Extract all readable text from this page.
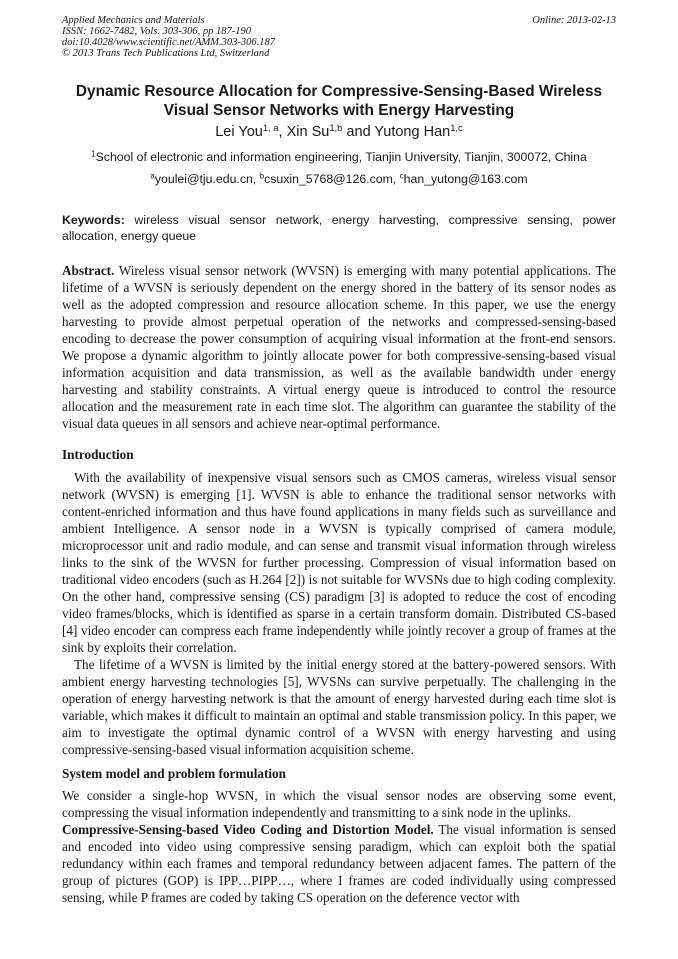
Applied Mechanics and Materials
ISSN: 1662-7482, Vols. 303-306, pp 187-190
doi:10.4028/www.scientific.net/AMM.303-306.187
© 2013 Trans Tech Publications Ltd, Switzerland
Online: 2013-02-13
Dynamic Resource Allocation for Compressive-Sensing-Based Wireless
Visual Sensor Networks with Energy Harvesting
Lei You$^{1, a}$, Xin Su$^{1,b}$ and Yutong Han$^{1,c}$
$^1$School of electronic and information engineering, Tianjin University, Tianjin, 300072, China
$^a$youlei@tju.edu.cn, $^b$csuxin_5768@126.com, $^c$han_yutong@163.com
Keywords: wireless visual sensor network, energy harvesting, compressive sensing, power allocation, energy queue
Abstract. Wireless visual sensor network (WVSN) is emerging with many potential applications. The lifetime of a WVSN is seriously dependent on the energy shored in the battery of its sensor nodes as well as the adopted compression and resource allocation scheme. In this paper, we use the energy harvesting to provide almost perpetual operation of the networks and compressed-sensing-based encoding to decrease the power consumption of acquiring visual information at the front-end sensors. We propose a dynamic algorithm to jointly allocate power for both compressive-sensing-based visual information acquisition and data transmission, as well as the available bandwidth under energy harvesting and stability constraints. A virtual energy queue is introduced to control the resource allocation and the measurement rate in each time slot. The algorithm can guarantee the stability of the visual data queues in all sensors and achieve near-optimal performance.
Introduction

With the availability of inexpensive visual sensors such as CMOS cameras, wireless visual sensor network (WVSN) is emerging [1]. WVSN is able to enhance the traditional sensor networks with content-enriched information and thus have found applications in many fields such as surveillance and ambient Intelligence. A sensor node in a WVSN is typically comprised of camera module, microprocessor unit and radio module, and can sense and transmit visual information through wireless links to the sink of the WVSN for further processing. Compression of visual information based on traditional video encoders (such as H.264 [2]) is not suitable for WVSNs due to high coding complexity. On the other hand, compressive sensing (CS) paradigm [3] is adopted to reduce the cost of encoding video frames/blocks, which is identified as sparse in a certain transform domain. Distributed CS-based [4] video encoder can compress each frame independently while jointly recover a group of frames at the sink by exploits their correlation.

The lifetime of a WVSN is limited by the initial energy stored at the battery-powered sensors. With ambient energy harvesting technologies [5], WVSNs can survive perpetually. The challenging in the operation of energy harvesting network is that the amount of energy harvested during each time slot is variable, which makes it difficult to maintain an optimal and stable transmission policy. In this paper, we aim to investigate the optimal dynamic control of a WVSN with energy harvesting and using compressive-sensing-based visual information acquisition scheme.

System model and problem formulation

We consider a single-hop WVSN, in which the visual sensor nodes are observing some event, compressing the visual information independently and transmitting to a sink node in the uplinks.

Compressive-Sensing-based Video Coding and Distortion Model. The visual information is sensed and encoded into video using compressive sensing paradigm, which can exploit both the spatial redundancy within each frames and temporal redundancy between adjacent fames. The pattern of the group of pictures (GOP) is IPP…PIPP…, where I frames are coded individually using compressed sensing, while P frames are coded by taking CS operation on the deference vector with
